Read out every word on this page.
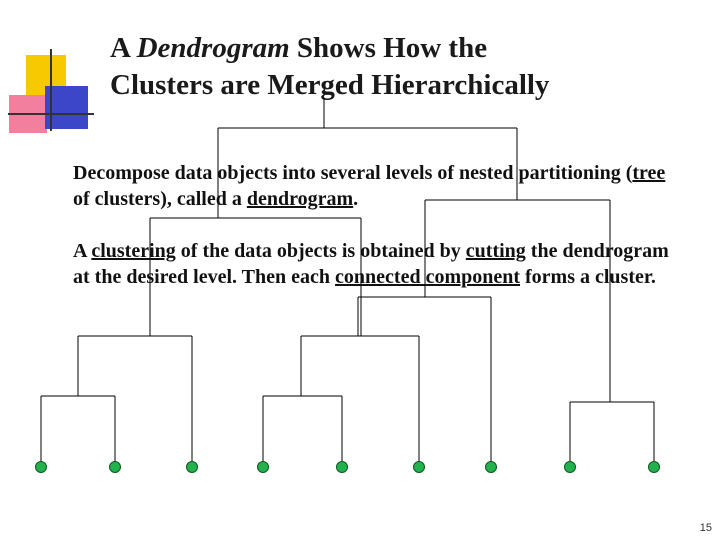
A Dendrogram Shows How the
Clusters are Merged Hierarchically
Decompose data objects into several levels of nested partitioning (tree of clusters), called a dendrogram.
A clustering of the data objects is obtained by cutting the dendrogram at the desired level. Then each connected component forms a cluster.
15
